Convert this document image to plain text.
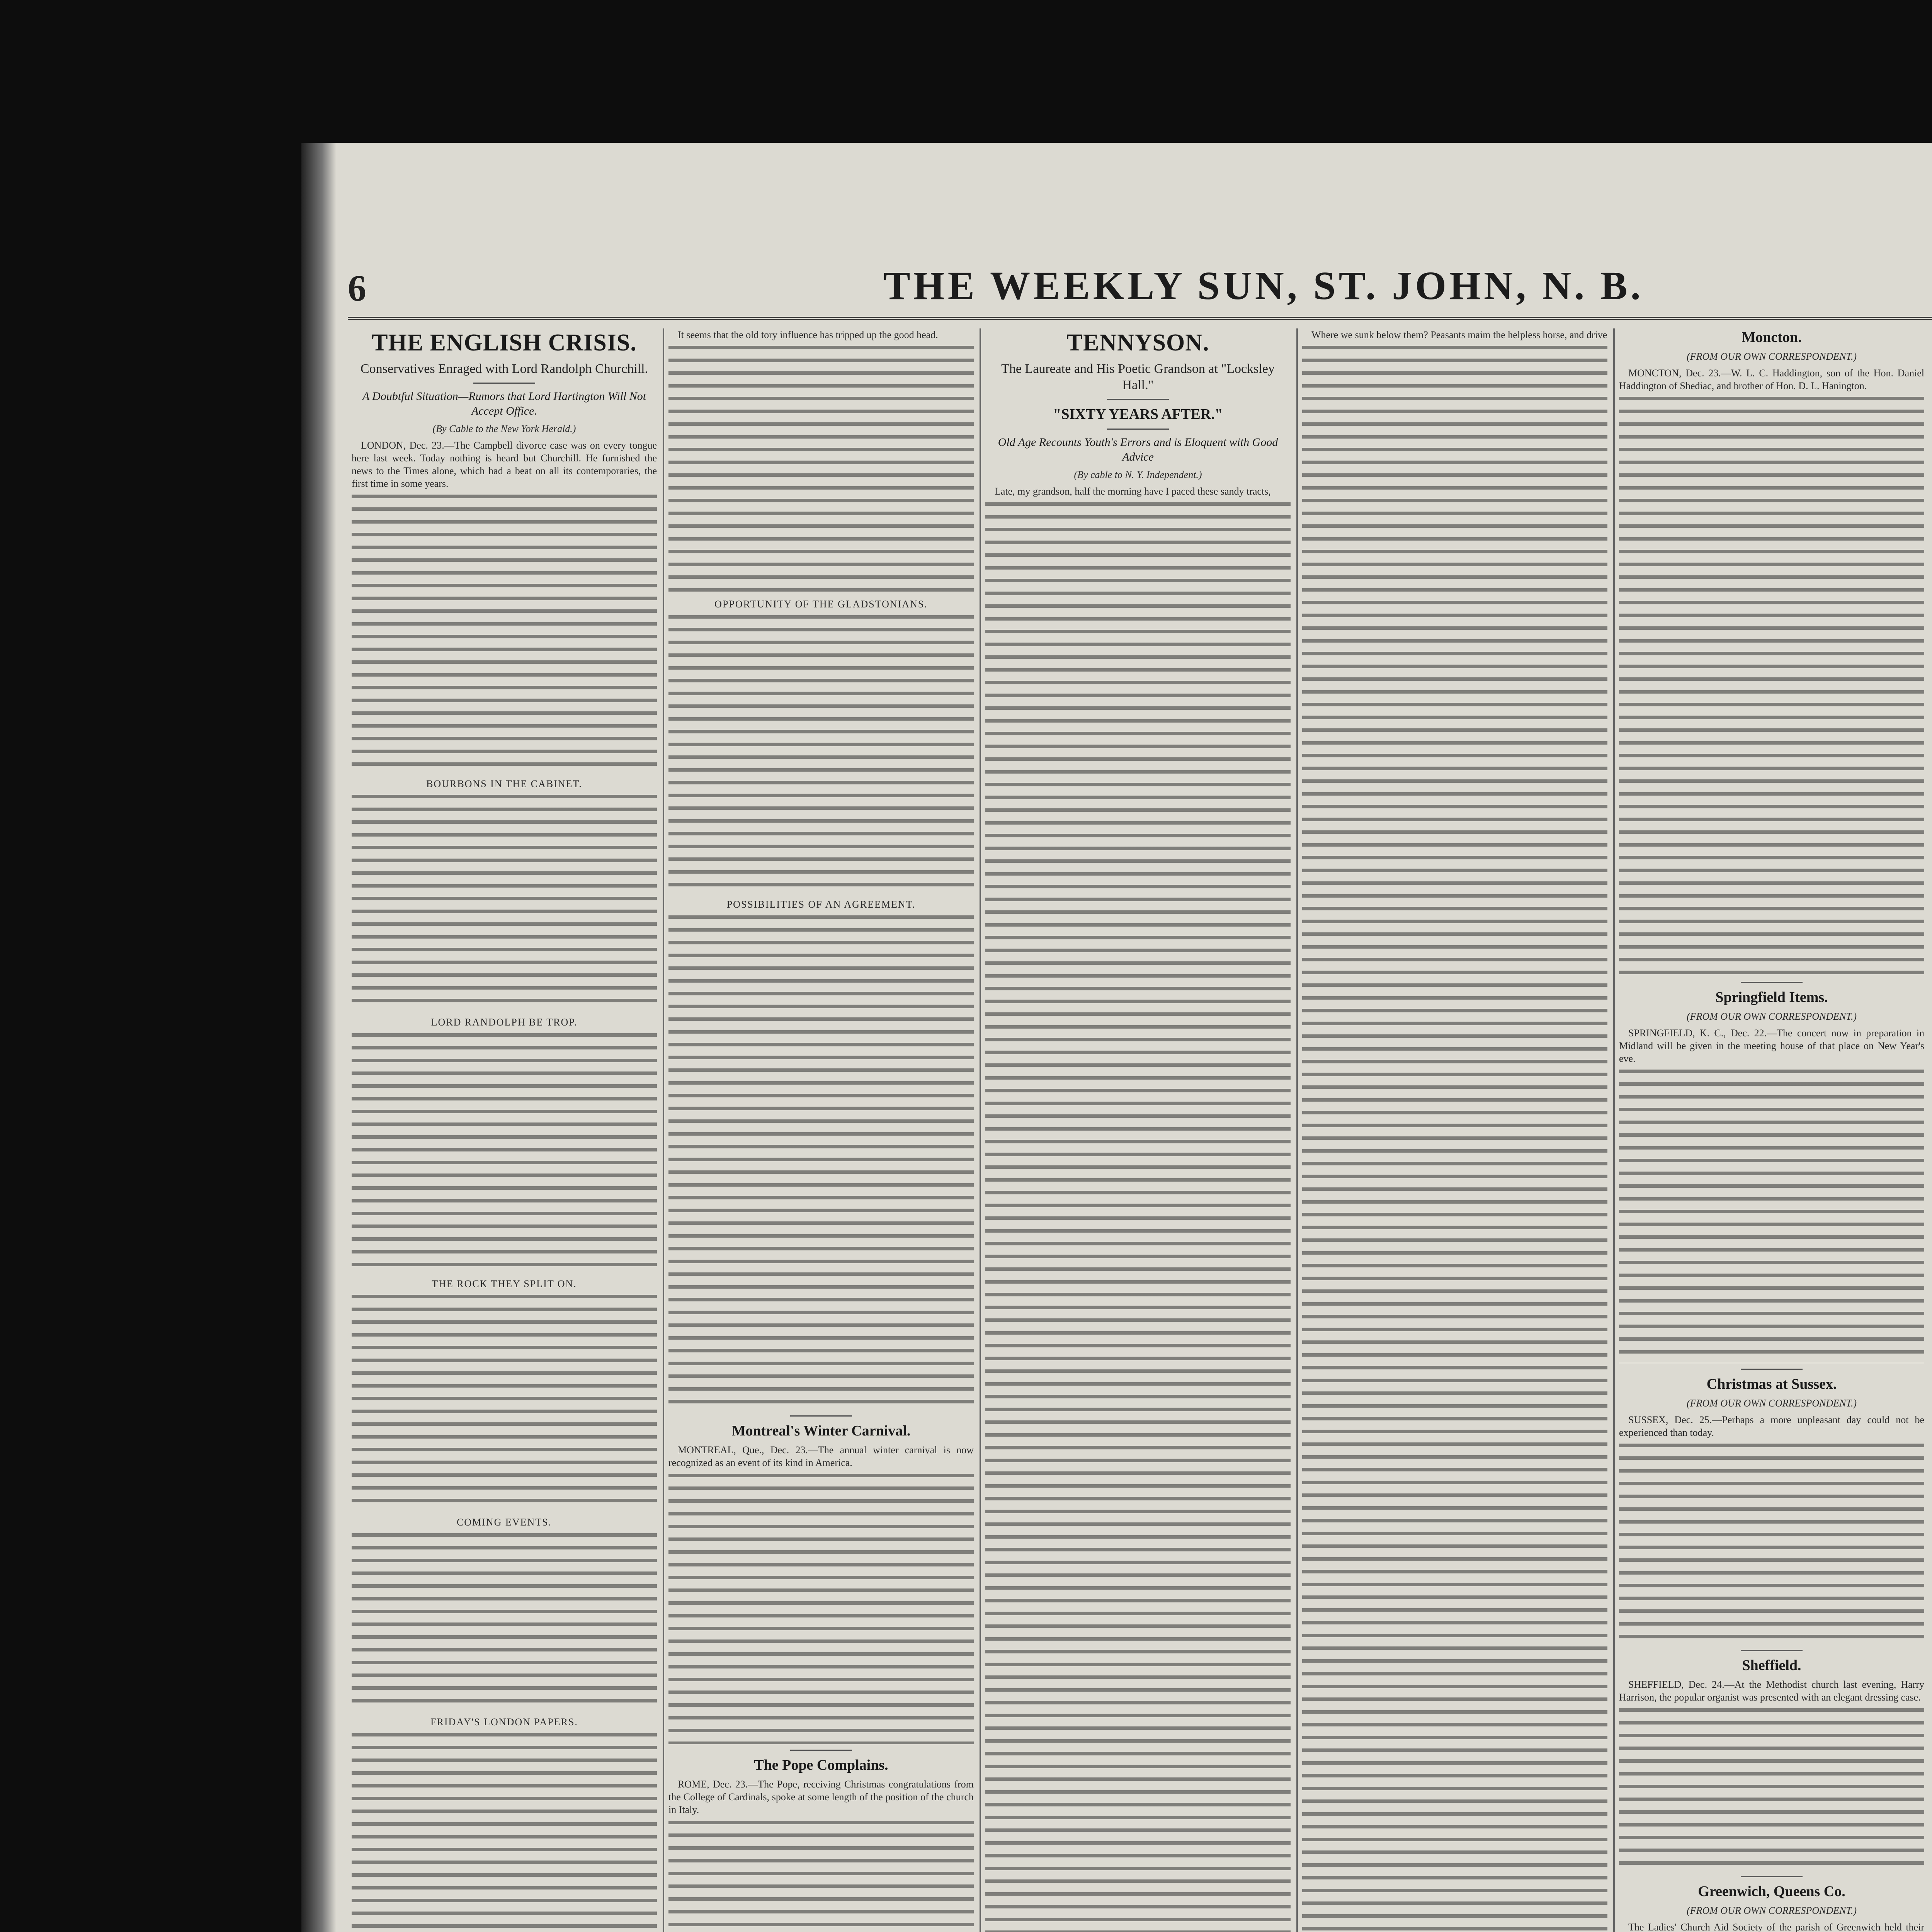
6	THE WEEKLY SUN, ST. JOHN, N. B.
THE ENGLISH CRISIS.
Conservatives Enraged with Lord Randolph Churchill.
A Doubtful Situation—Rumors that Lord Hartington Will Not Accept Office.
(By Cable to the New York Herald.)

LONDON, Dec. 23.—The Campbell divorce case was on every tongue here last week. Today nothing is heard but Churchill. He furnished the news to the Times alone, which had a beat on all its contemporaries, the first time in some years.

BOURBONS IN THE CABINET.
LORD RANDOLPH BE TROP.
THE ROCK THEY SPLIT ON.
COMING EVENTS.
FRIDAY'S LONDON PAPERS.

It seems that the old tory influence has tripped up the good head.

OPPORTUNITY OF THE GLADSTONIANS.
POSSIBILITIES OF AN AGREEMENT.
Montreal's Winter Carnival.

MONTREAL, Que., Dec. 23.—The annual winter carnival is now recognized as an event of its kind in America.

The Pope Complains.

ROME, Dec. 23.—The Pope, receiving Christmas congratulations from the College of Cardinals, spoke at some length of the position of the church in Italy.

TENNYSON.
The Laureate and His Poetic Grandson at "Locksley Hall."
"SIXTY YEARS AFTER."
Old Age Recounts Youth's Errors and is Eloquent with Good Advice
(By cable to N. Y. Independent.)

Late, my grandson, half the morning have I paced these sandy tracts,

Where we sunk below them? Peasants maim the helpless horse, and drive	Moncton.
(FROM OUR OWN CORRESPONDENT.)

MONCTON, Dec. 23.—W. L. C. Haddington, son of the Hon. Daniel Haddington of Shediac, and brother of Hon. D. L. Hanington.

Springfield Items.
(FROM OUR OWN CORRESPONDENT.)

SPRINGFIELD, K. C., Dec. 22.—The concert now in preparation in Midland will be given in the meeting house of that place on New Year's eve.

Christmas at Sussex.
(FROM OUR OWN CORRESPONDENT.)

SUSSEX, Dec. 25.—Perhaps a more unpleasant day could not be experienced than today.

Sheffield.

SHEFFIELD, Dec. 24.—At the Methodist church last evening, Harry Harrison, the popular organist was presented with an elegant dressing case.

Greenwich, Queens Co.
(FROM OUR OWN CORRESPONDENT.)

The Ladies' Church Aid Society of the parish of Greenwich held their
